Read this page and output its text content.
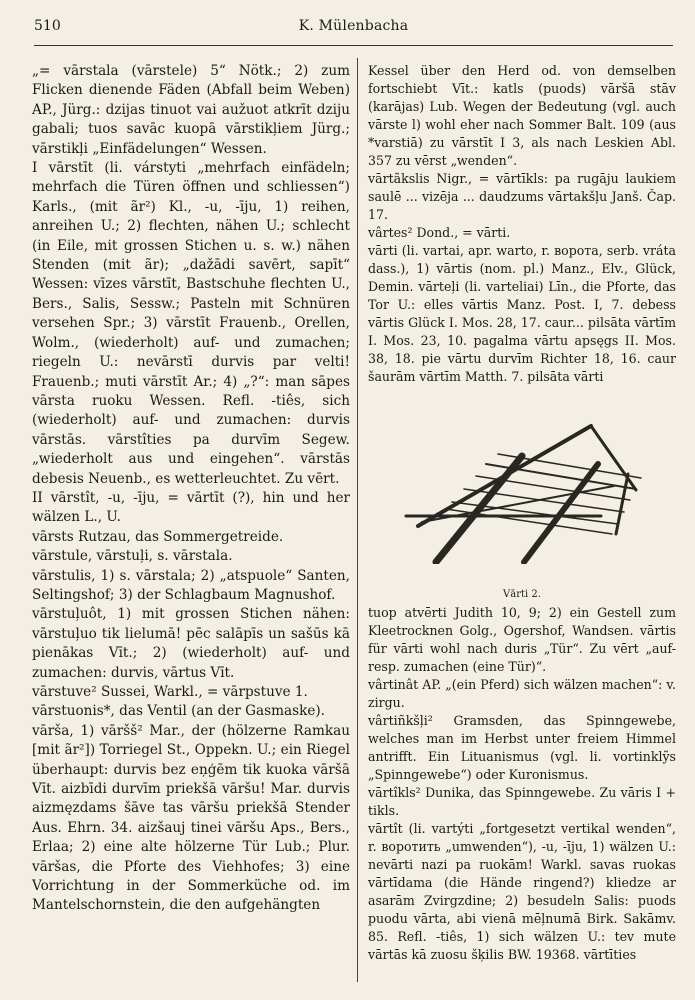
510	K. Mülenbacha

„= vārstala (vārstele) 5“ Nötk.; 2) zum Flicken dienende Fäden (Abfall beim Weben) AP., Jürg.: dzijas tinuot vai aužuot atkrīt dziju gabali; tuos savāc kuopā vārstikļiem Jürg.; vārstikļi „Einfädelungen“ Wessen.

I vārstīt (li. várstyti „mehrfach einfädeln; mehrfach die Türen öffnen und schliessen“) Karls., (mit ãr²) Kl., -u, -īju, 1) reihen, anreihen U.; 2) flechten, nähen U.; schlecht (in Eile, mit grossen Stichen u. s. w.) nähen Stenden (mit ãr); „dažādi savērt, sapīt“ Wessen: vīzes vārstīt, Bastschuhe flechten U., Bers., Salis, Sessw.; Pasteln mit Schnüren versehen Spr.; 3) vārstīt Frauenb., Orellen, Wolm., (wiederholt) auf- und zumachen; riegeln U.: nevārstī durvis par velti! Frauenb.; muti vārstīt Ar.; 4) „?“: man sāpes vārsta ruoku Wessen. Refl. -tiês, sich (wiederholt) auf- und zumachen: durvis vārstās. vārstîties pa durvīm Segew. „wiederholt aus und eingehen“. vārstās debesis Neuenb., es wetterleuchtet. Zu vērt.

II vārstît, -u, -īju, = vārtīt (?), hin und her wälzen L., U.

vārsts Rutzau, das Sommergetreide.

vārstule, vārstuļi, s. vārstala.

vārstulis, 1) s. vārstala; 2) „atspuole“ Santen, Seltingshof; 3) der Schlagbaum Magnushof.

vārstuļuôt, 1) mit grossen Stichen nähen: vārstuļuo tik lielumā! pēc salāpīs un sašūs kā pienākas Vīt.; 2) (wiederholt) auf- und zumachen: durvis, vārtus Vīt.

vārstuve² Sussei, Warkl., = vārpstuve 1.

vārstuonis*, das Ventil (an der Gasmaske).

vārša, 1) vāršš² Mar., der (hölzerne Ramkau [mit ãr²]) Torriegel St., Oppekn. U.; ein Riegel überhaupt: durvis bez eņģēm tik kuoka vāršā Vīt. aizbīdi durvīm priekšā vāršu! Mar. durvis aizmęzdams šāve tas vāršu priekšā Stender Aus. Ehrn. 34. aizšauj tinei vāršu Aps., Bers., Erlaa; 2) eine alte hölzerne Tür Lub.; Plur. vāršas, die Pforte des Viehhofes; 3) eine Vorrichtung in der Sommerküche od. im Mantelschornstein, die den aufgehängten

Kessel über den Herd od. von demselben fortschiebt Vīt.: katls (puods) vāršā stāv (karājas) Lub. Wegen der Bedeutung (vgl. auch vārste l) wohl eher nach Sommer Balt. 109 (aus *varstiā) zu vārstīt I 3, als nach Leskien Abl. 357 zu vērst „wenden“.

vārtãkslis Nigr., = vārtīkls: pa rugāju laukiem saulē ... vizēja ... daudzums vārtakšļu Janš. Čap. 17.

vârtes² Dond., = vārti.

vārti (li. vartai, apr. warto, r. ворота, serb. vráta dass.), 1) vārtis (nom. pl.) Manz., Elv., Glück, Demin. vārteļi (li. varteliai) Līn., die Pforte, das Tor U.: elles vārtis Manz. Post. I, 7. debess vārtis Glück I. Mos. 28, 17. caur... pilsāta vārtīm I. Mos. 23, 10. pagalma vārtu apsęgs II. Mos. 38, 18. pie vārtu durvīm Richter 18, 16. caur šaurām vārtīm Matth. 7. pilsāta vārti

Vārti 2.

tuop atvērti Judith 10, 9; 2) ein Gestell zum Kleetrocknen Golg., Ogershof, Wandsen. vārtis für vārti wohl nach duris „Tür“. Zu vērt „auf- resp. zumachen (eine Tür)“.

vârtinât AP. „(ein Pferd) sich wälzen machen“: v. zirgu.

vârtiñkšļi² Gramsden, das Spinngewebe, welches man im Herbst unter freiem Himmel antrifft. Ein Lituanismus (vgl. li. vortinklỹs „Spinngewebe“) oder Kuronismus.

vārtîkls² Dunika, das Spinngewebe. Zu vāris I + tikls.

vārtît (li. vartýti „fortgesetzt vertikal wenden“, r. воротить „umwenden“), -u, -īju, 1) wälzen U.: nevārti nazi pa ruokām! Warkl. savas ruokas vārtīdama (die Hände ringend?) kliedze ar asarām Zvirgzdine; 2) besudeln Salis: puods puodu vārta, abi vienā mēļnumā Birk. Sakāmv. 85. Refl. -tiês, 1) sich wälzen U.: tev mute vārtās kā zuosu šķilis BW. 19368. vārtīties
